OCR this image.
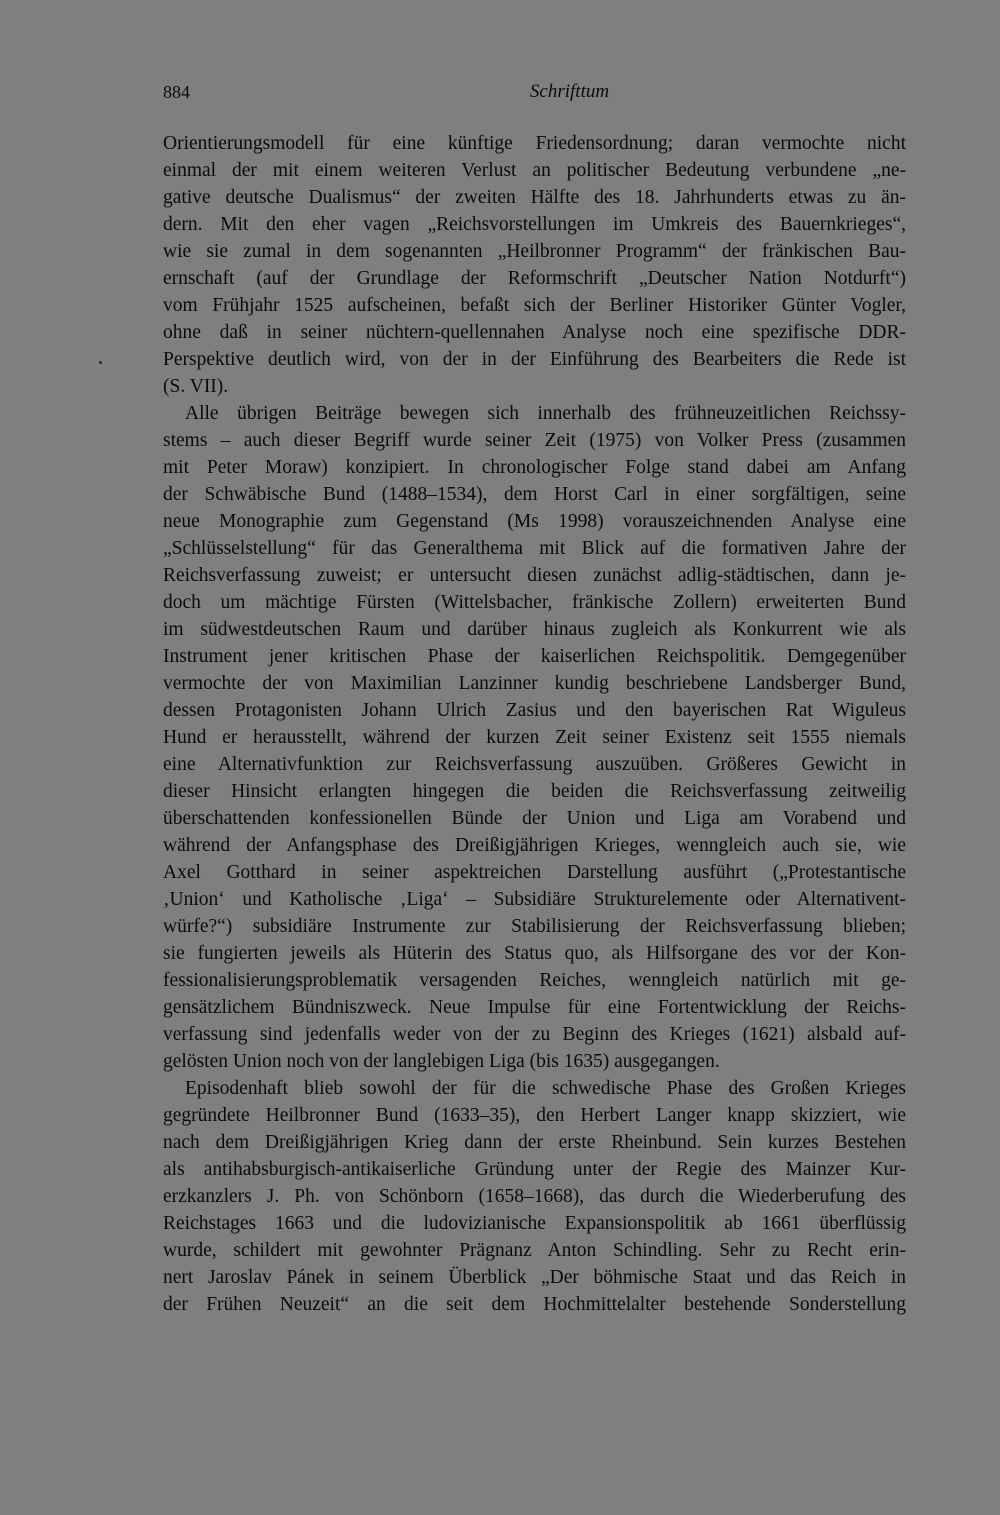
884	Schrifttum
Orientierungsmodell für eine künftige Friedensordnung; daran vermochte nicht
einmal der mit einem weiteren Verlust an politischer Bedeutung verbundene „ne-
gative deutsche Dualismus“ der zweiten Hälfte des 18. Jahrhunderts etwas zu än-
dern. Mit den eher vagen „Reichsvorstellungen im Umkreis des Bauernkrieges“,
wie sie zumal in dem sogenannten „Heilbronner Programm“ der fränkischen Bau-
ernschaft (auf der Grundlage der Reformschrift „Deutscher Nation Notdurft“)
vom Frühjahr 1525 aufscheinen, befaßt sich der Berliner Historiker Günter Vogler,
ohne daß in seiner nüchtern-quellennahen Analyse noch eine spezifische DDR-
Perspektive deutlich wird, von der in der Einführung des Bearbeiters die Rede ist
(S. VII).
Alle übrigen Beiträge bewegen sich innerhalb des frühneuzeitlichen Reichssy-
stems – auch dieser Begriff wurde seiner Zeit (1975) von Volker Press (zusammen
mit Peter Moraw) konzipiert. In chronologischer Folge stand dabei am Anfang
der Schwäbische Bund (1488–1534), dem Horst Carl in einer sorgfältigen, seine
neue Monographie zum Gegenstand (Ms 1998) vorauszeichnenden Analyse eine
„Schlüsselstellung“ für das Generalthema mit Blick auf die formativen Jahre der
Reichsverfassung zuweist; er untersucht diesen zunächst adlig-städtischen, dann je-
doch um mächtige Fürsten (Wittelsbacher, fränkische Zollern) erweiterten Bund
im südwestdeutschen Raum und darüber hinaus zugleich als Konkurrent wie als
Instrument jener kritischen Phase der kaiserlichen Reichspolitik. Demgegenüber
vermochte der von Maximilian Lanzinner kundig beschriebene Landsberger Bund,
dessen Protagonisten Johann Ulrich Zasius und den bayerischen Rat Wiguleus
Hund er herausstellt, während der kurzen Zeit seiner Existenz seit 1555 niemals
eine Alternativfunktion zur Reichsverfassung auszuüben. Größeres Gewicht in
dieser Hinsicht erlangten hingegen die beiden die Reichsverfassung zeitweilig
überschattenden konfessionellen Bünde der Union und Liga am Vorabend und
während der Anfangsphase des Dreißigjährigen Krieges, wenngleich auch sie, wie
Axel Gotthard in seiner aspektreichen Darstellung ausführt („Protestantische
‚Union‘ und Katholische ‚Liga‘ – Subsidiäre Strukturelemente oder Alternativent-
würfe?“) subsidiäre Instrumente zur Stabilisierung der Reichsverfassung blieben;
sie fungierten jeweils als Hüterin des Status quo, als Hilfsorgane des vor der Kon-
fessionalisierungsproblematik versagenden Reiches, wenngleich natürlich mit ge-
gensätzlichem Bündniszweck. Neue Impulse für eine Fortentwicklung der Reichs-
verfassung sind jedenfalls weder von der zu Beginn des Krieges (1621) alsbald auf-
gelösten Union noch von der langlebigen Liga (bis 1635) ausgegangen.
Episodenhaft blieb sowohl der für die schwedische Phase des Großen Krieges
gegründete Heilbronner Bund (1633–35), den Herbert Langer knapp skizziert, wie
nach dem Dreißigjährigen Krieg dann der erste Rheinbund. Sein kurzes Bestehen
als antihabsburgisch-antikaiserliche Gründung unter der Regie des Mainzer Kur-
erzkanzlers J. Ph. von Schönborn (1658–1668), das durch die Wiederberufung des
Reichstages 1663 und die ludovizianische Expansionspolitik ab 1661 überflüssig
wurde, schildert mit gewohnter Prägnanz Anton Schindling. Sehr zu Recht erin-
nert Jaroslav Pánek in seinem Überblick „Der böhmische Staat und das Reich in
der Frühen Neuzeit“ an die seit dem Hochmittelalter bestehende Sonderstellung
